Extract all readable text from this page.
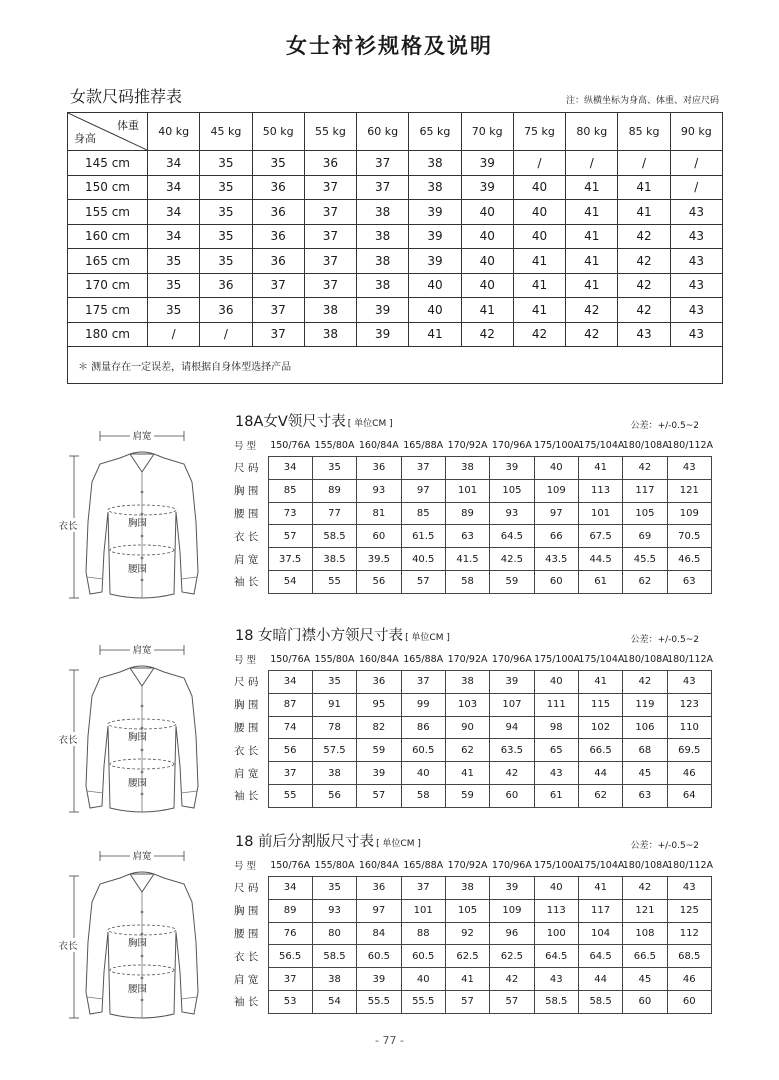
女士衬衫规格及说明
女款尺码推荐表	注：纵横坐标为身高、体重、对应尺码
体重
身高	40 kg	45 kg	50 kg	55 kg	60 kg	65 kg	70 kg	75 kg	80 kg	85 kg	90 kg
145 cm	34	35	35	36	37	38	39	/	/	/	/
150 cm	34	35	36	37	37	38	39	40	41	41	/
155 cm	34	35	36	37	38	39	40	40	41	41	43
160 cm	34	35	36	37	38	39	40	40	41	42	43
165 cm	35	35	36	37	38	39	40	41	41	42	43
170 cm	35	36	37	37	38	40	40	41	41	42	43
175 cm	35	36	37	38	39	40	41	41	42	42	43
180 cm	/	/	37	38	39	41	42	42	42	43	43
＊ 测量存在一定误差，请根据自身体型选择产品											
肩宽
衣长	胸围
腰围
18A女V领尺寸表 [ 单位CM ]	公差：+/-0.5~2
号 型	150/76A	155/80A	160/84A	165/88A	170/92A	170/96A	175/100A	175/104A	180/108A	180/112A
尺 码	34	35	36	37	38	39	40	41	42	43
胸 围	85	89	93	97	101	105	109	113	117	121
腰 围	73	77	81	85	89	93	97	101	105	109
衣 长	57	58.5	60	61.5	63	64.5	66	67.5	69	70.5
肩 宽	37.5	38.5	39.5	40.5	41.5	42.5	43.5	44.5	45.5	46.5
袖 长	54	55	56	57	58	59	60	61	62	63
肩宽
衣长	胸围
腰围
18 女暗门襟小方领尺寸表 [ 单位CM ]	公差：+/-0.5~2
号 型	150/76A	155/80A	160/84A	165/88A	170/92A	170/96A	175/100A	175/104A	180/108A	180/112A
尺 码	34	35	36	37	38	39	40	41	42	43
胸 围	87	91	95	99	103	107	111	115	119	123
腰 围	74	78	82	86	90	94	98	102	106	110
衣 长	56	57.5	59	60.5	62	63.5	65	66.5	68	69.5
肩 宽	37	38	39	40	41	42	43	44	45	46
袖 长	55	56	57	58	59	60	61	62	63	64
肩宽
衣长	胸围
腰围
18 前后分割版尺寸表 [ 单位CM ]	公差：+/-0.5~2
号 型	150/76A	155/80A	160/84A	165/88A	170/92A	170/96A	175/100A	175/104A	180/108A	180/112A
尺 码	34	35	36	37	38	39	40	41	42	43
胸 围	89	93	97	101	105	109	113	117	121	125
腰 围	76	80	84	88	92	96	100	104	108	112
衣 长	56.5	58.5	60.5	60.5	62.5	62.5	64.5	64.5	66.5	68.5
肩 宽	37	38	39	40	41	42	43	44	45	46
袖 长	53	54	55.5	55.5	57	57	58.5	58.5	60	60
- 77 -
